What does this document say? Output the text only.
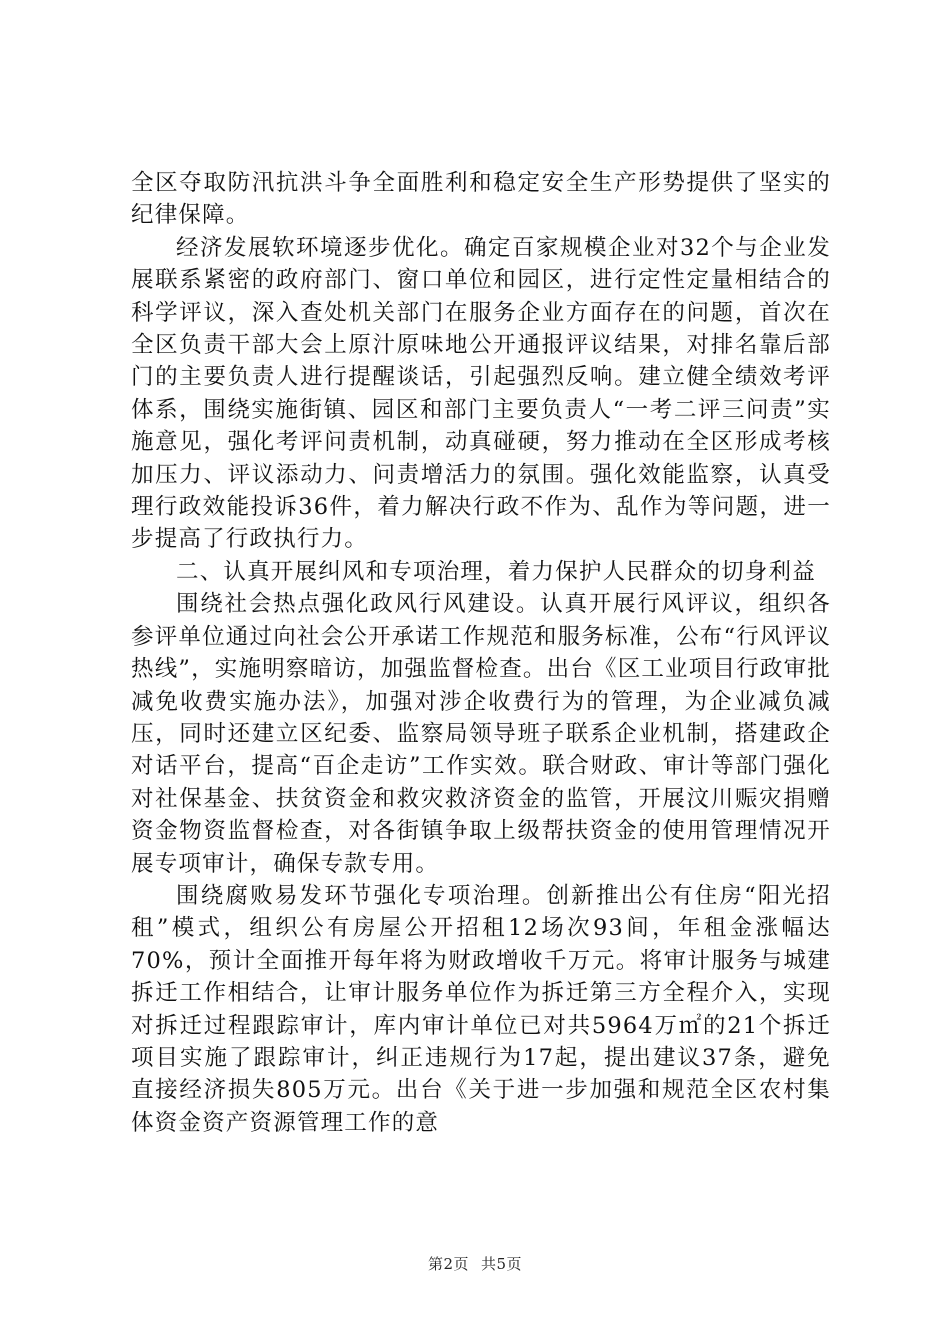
全区夺取防汛抗洪斗争全面胜利和稳定安全生产形势提供了坚实的纪律保障。

经济发展软环境逐步优化。确定百家规模企业对32个与企业发展联系紧密的政府部门、窗口单位和园区，进行定性定量相结合的科学评议，深入查处机关部门在服务企业方面存在的问题，首次在全区负责干部大会上原汁原味地公开通报评议结果，对排名靠后部门的主要负责人进行提醒谈话，引起强烈反响。建立健全绩效考评体系，围绕实施街镇、园区和部门主要负责人“一考二评三问责”实施意见，强化考评问责机制，动真碰硬，努力推动在全区形成考核加压力、评议添动力、问责增活力的氛围。强化效能监察，认真受理行政效能投诉36件，着力解决行政不作为、乱作为等问题，进一步提高了行政执行力。

二、认真开展纠风和专项治理，着力保护人民群众的切身利益

围绕社会热点强化政风行风建设。认真开展行风评议，组织各参评单位通过向社会公开承诺工作规范和服务标准，公布“行风评议热线”，实施明察暗访，加强监督检查。出台《区工业项目行政审批减免收费实施办法》，加强对涉企收费行为的管理，为企业减负减压，同时还建立区纪委、监察局领导班子联系企业机制，搭建政企对话平台，提高“百企走访”工作实效。联合财政、审计等部门强化对社保基金、扶贫资金和救灾救济资金的监管，开展汶川赈灾捐赠资金物资监督检查，对各街镇争取上级帮扶资金的使用管理情况开展专项审计，确保专款专用。

围绕腐败易发环节强化专项治理。创新推出公有住房“阳光招租”模式，组织公有房屋公开招租12场次93间，年租金涨幅达70%，预计全面推开每年将为财政增收千万元。将审计服务与城建拆迁工作相结合，让审计服务单位作为拆迁第三方全程介入，实现对拆迁过程跟踪审计，库内审计单位已对共5964万㎡的21个拆迁项目实施了跟踪审计，纠正违规行为17起，提出建议37条，避免直接经济损失805万元。出台《关于进一步加强和规范全区农村集体资金资产资源管理工作的意

第2页 共5页
